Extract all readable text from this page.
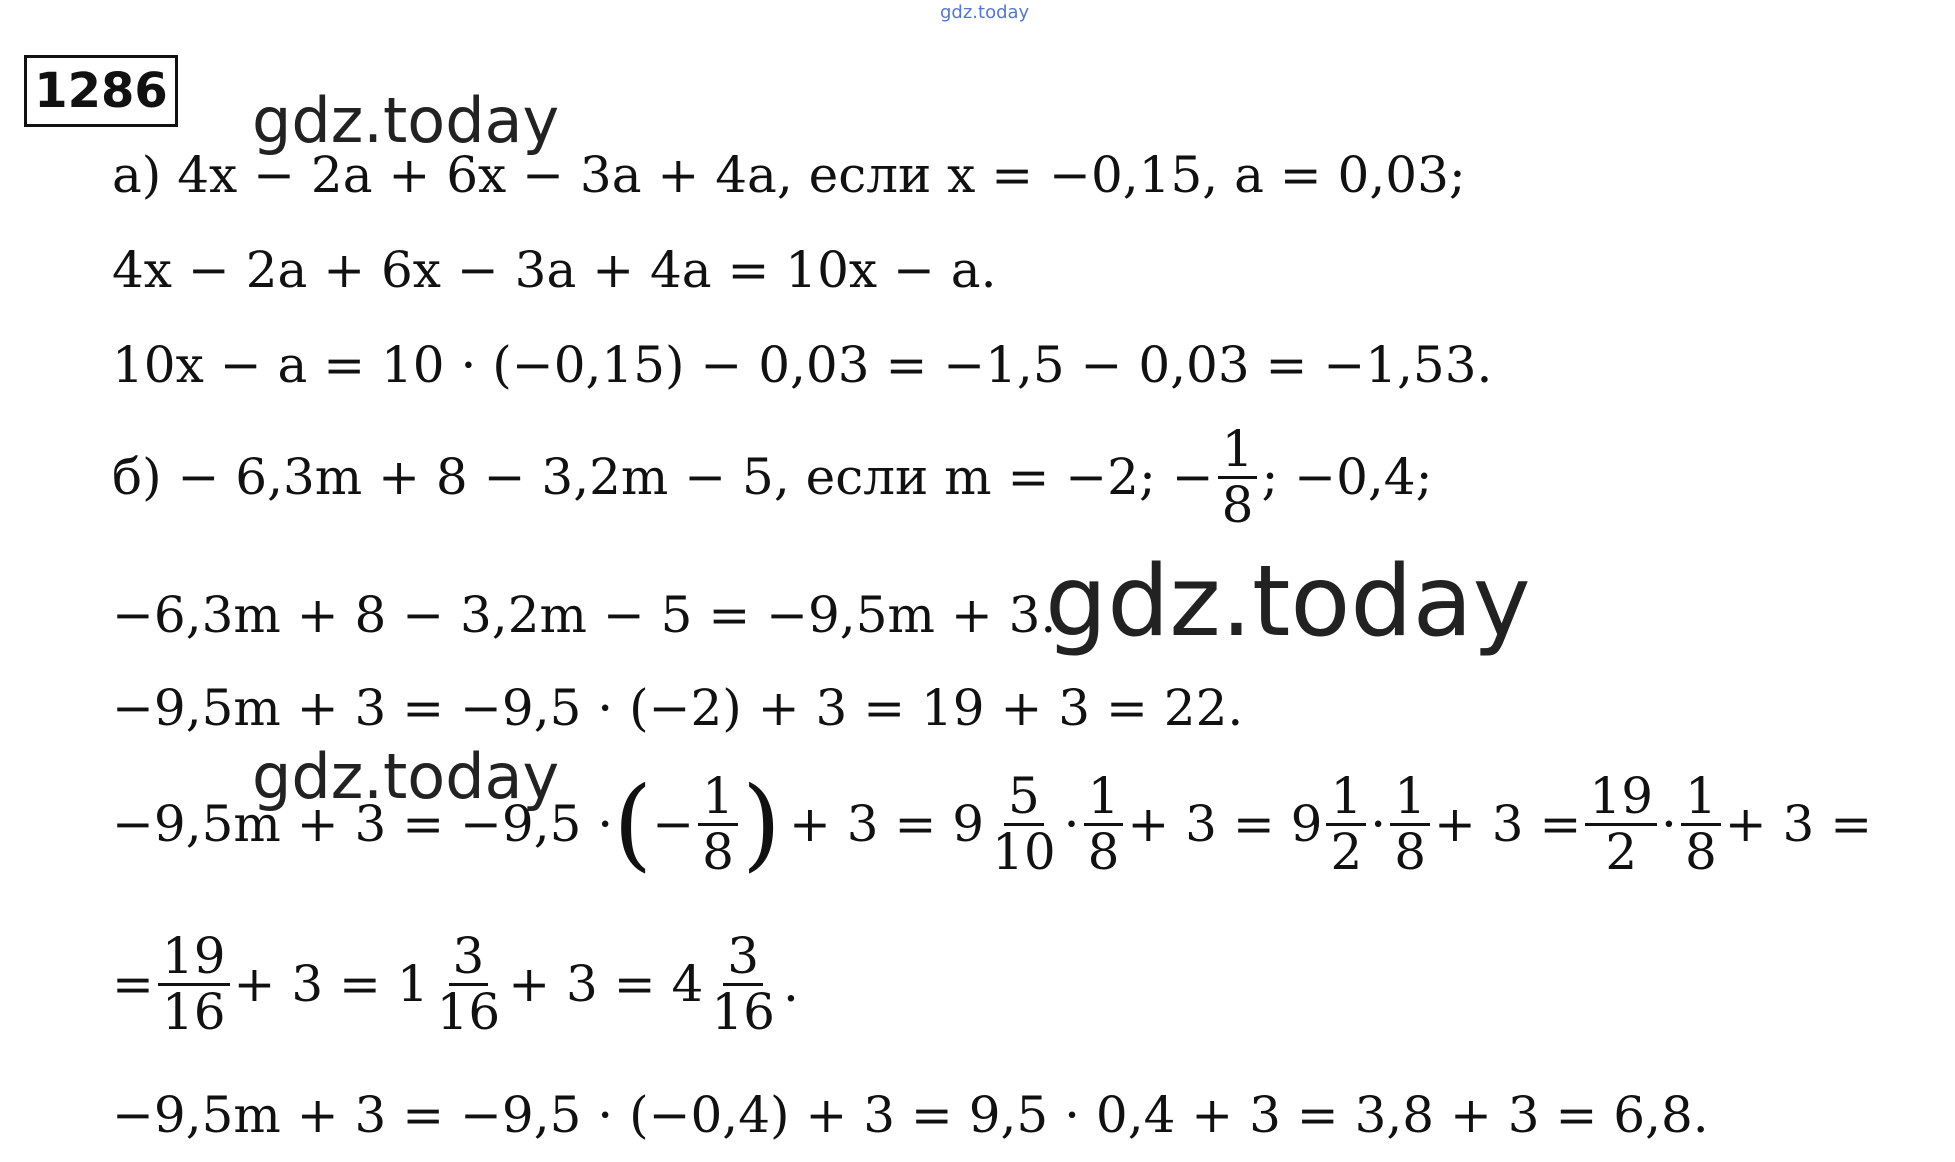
gdz.today
1286 gdz.today
gdz.today
gdz.today
а) 4x − 2a + 6x − 3a + 4a, если x = −0,15, a = 0,03;
4x − 2a + 6x − 3a + 4a = 10x − a.
10x − a = 10 · (−0,15) − 0,03 = −1,5 − 0,03 = −1,53.
б) − 6,3m + 8 − 3,2m − 5, если m = −2; − $\frac{1}{8}$ ; −0,4;
−6,3m + 8 − 3,2m − 5 = −9,5m + 3.
−9,5m + 3 = −9,5 · (−2) + 3 = 19 + 3 = 22.
−9,5m + 3 = −9,5 · ( − $\frac{1}{8}$ ) + $3 = 9 \frac{5}{10} \cdot \frac{1}{8} + 3 = 9 \frac{1}{2} \cdot \frac{1}{8} + 3 = \frac{19}{2} \cdot \frac{1}{8} + 3$ =
= $\frac{19}{16} + 3 = 1 \frac{3}{16} + 3 = 4 \frac{3}{16}$ .
−9,5m + 3 = −9,5 · (−0,4) + 3 = 9,5 · 0,4 + 3 = 3,8 + 3 = 6,8.
